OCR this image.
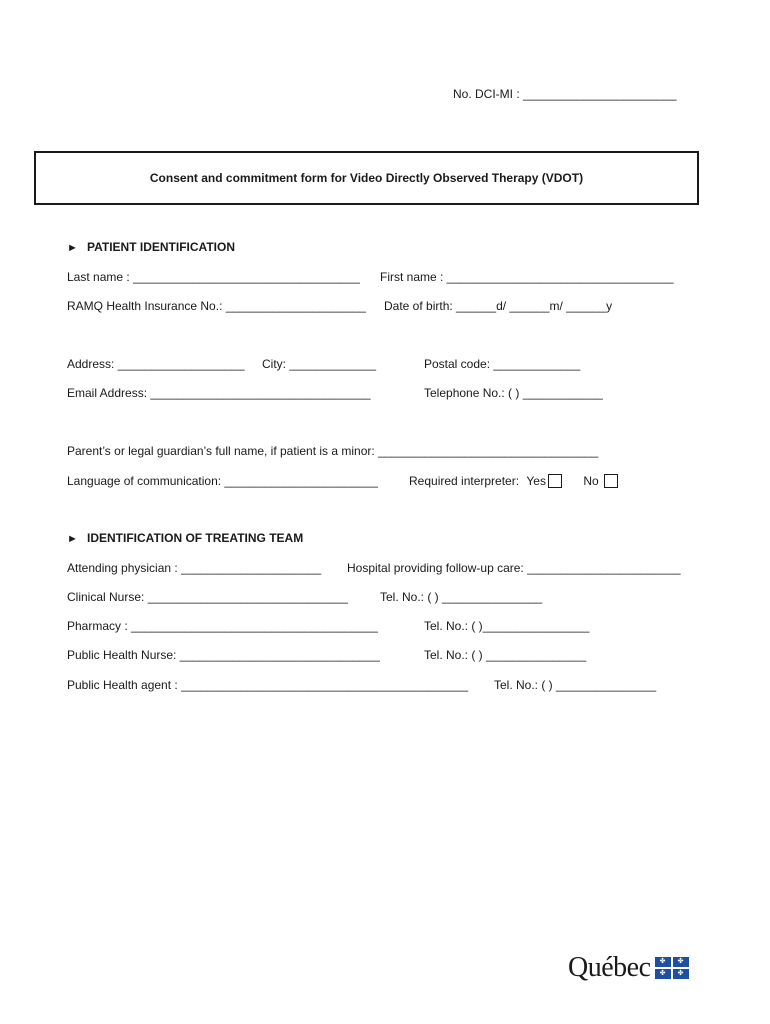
No. DCI-MI : _______________________
Consent and commitment form for Video Directly Observed Therapy (VDOT)
► PATIENT IDENTIFICATION
Last name : __________________________________ First name : __________________________________
RAMQ Health Insurance No.: _____________________ Date of birth: ______d/ ______m/ ______y
Address: ___________________ City: _____________	Postal code: _____________
Email Address: _________________________________	Telephone No.: ( ) ____________
Parent’s or legal guardian’s full name, if patient is a minor: _________________________________
Language of communication: _______________________	Required interpreter: Yes	No
► IDENTIFICATION OF TREATING TEAM
Attending physician : _____________________ Hospital providing follow-up care: _______________________
Clinical Nurse: ______________________________	Tel. No.: ( ) _______________
Pharmacy : _____________________________________	Tel. No.: ( )________________
Public Health Nurse: ______________________________	Tel. No.: ( ) _______________
Public Health agent : ___________________________________________ Tel. No.: ( ) _______________
Québec	✤	✤
✤	✤
